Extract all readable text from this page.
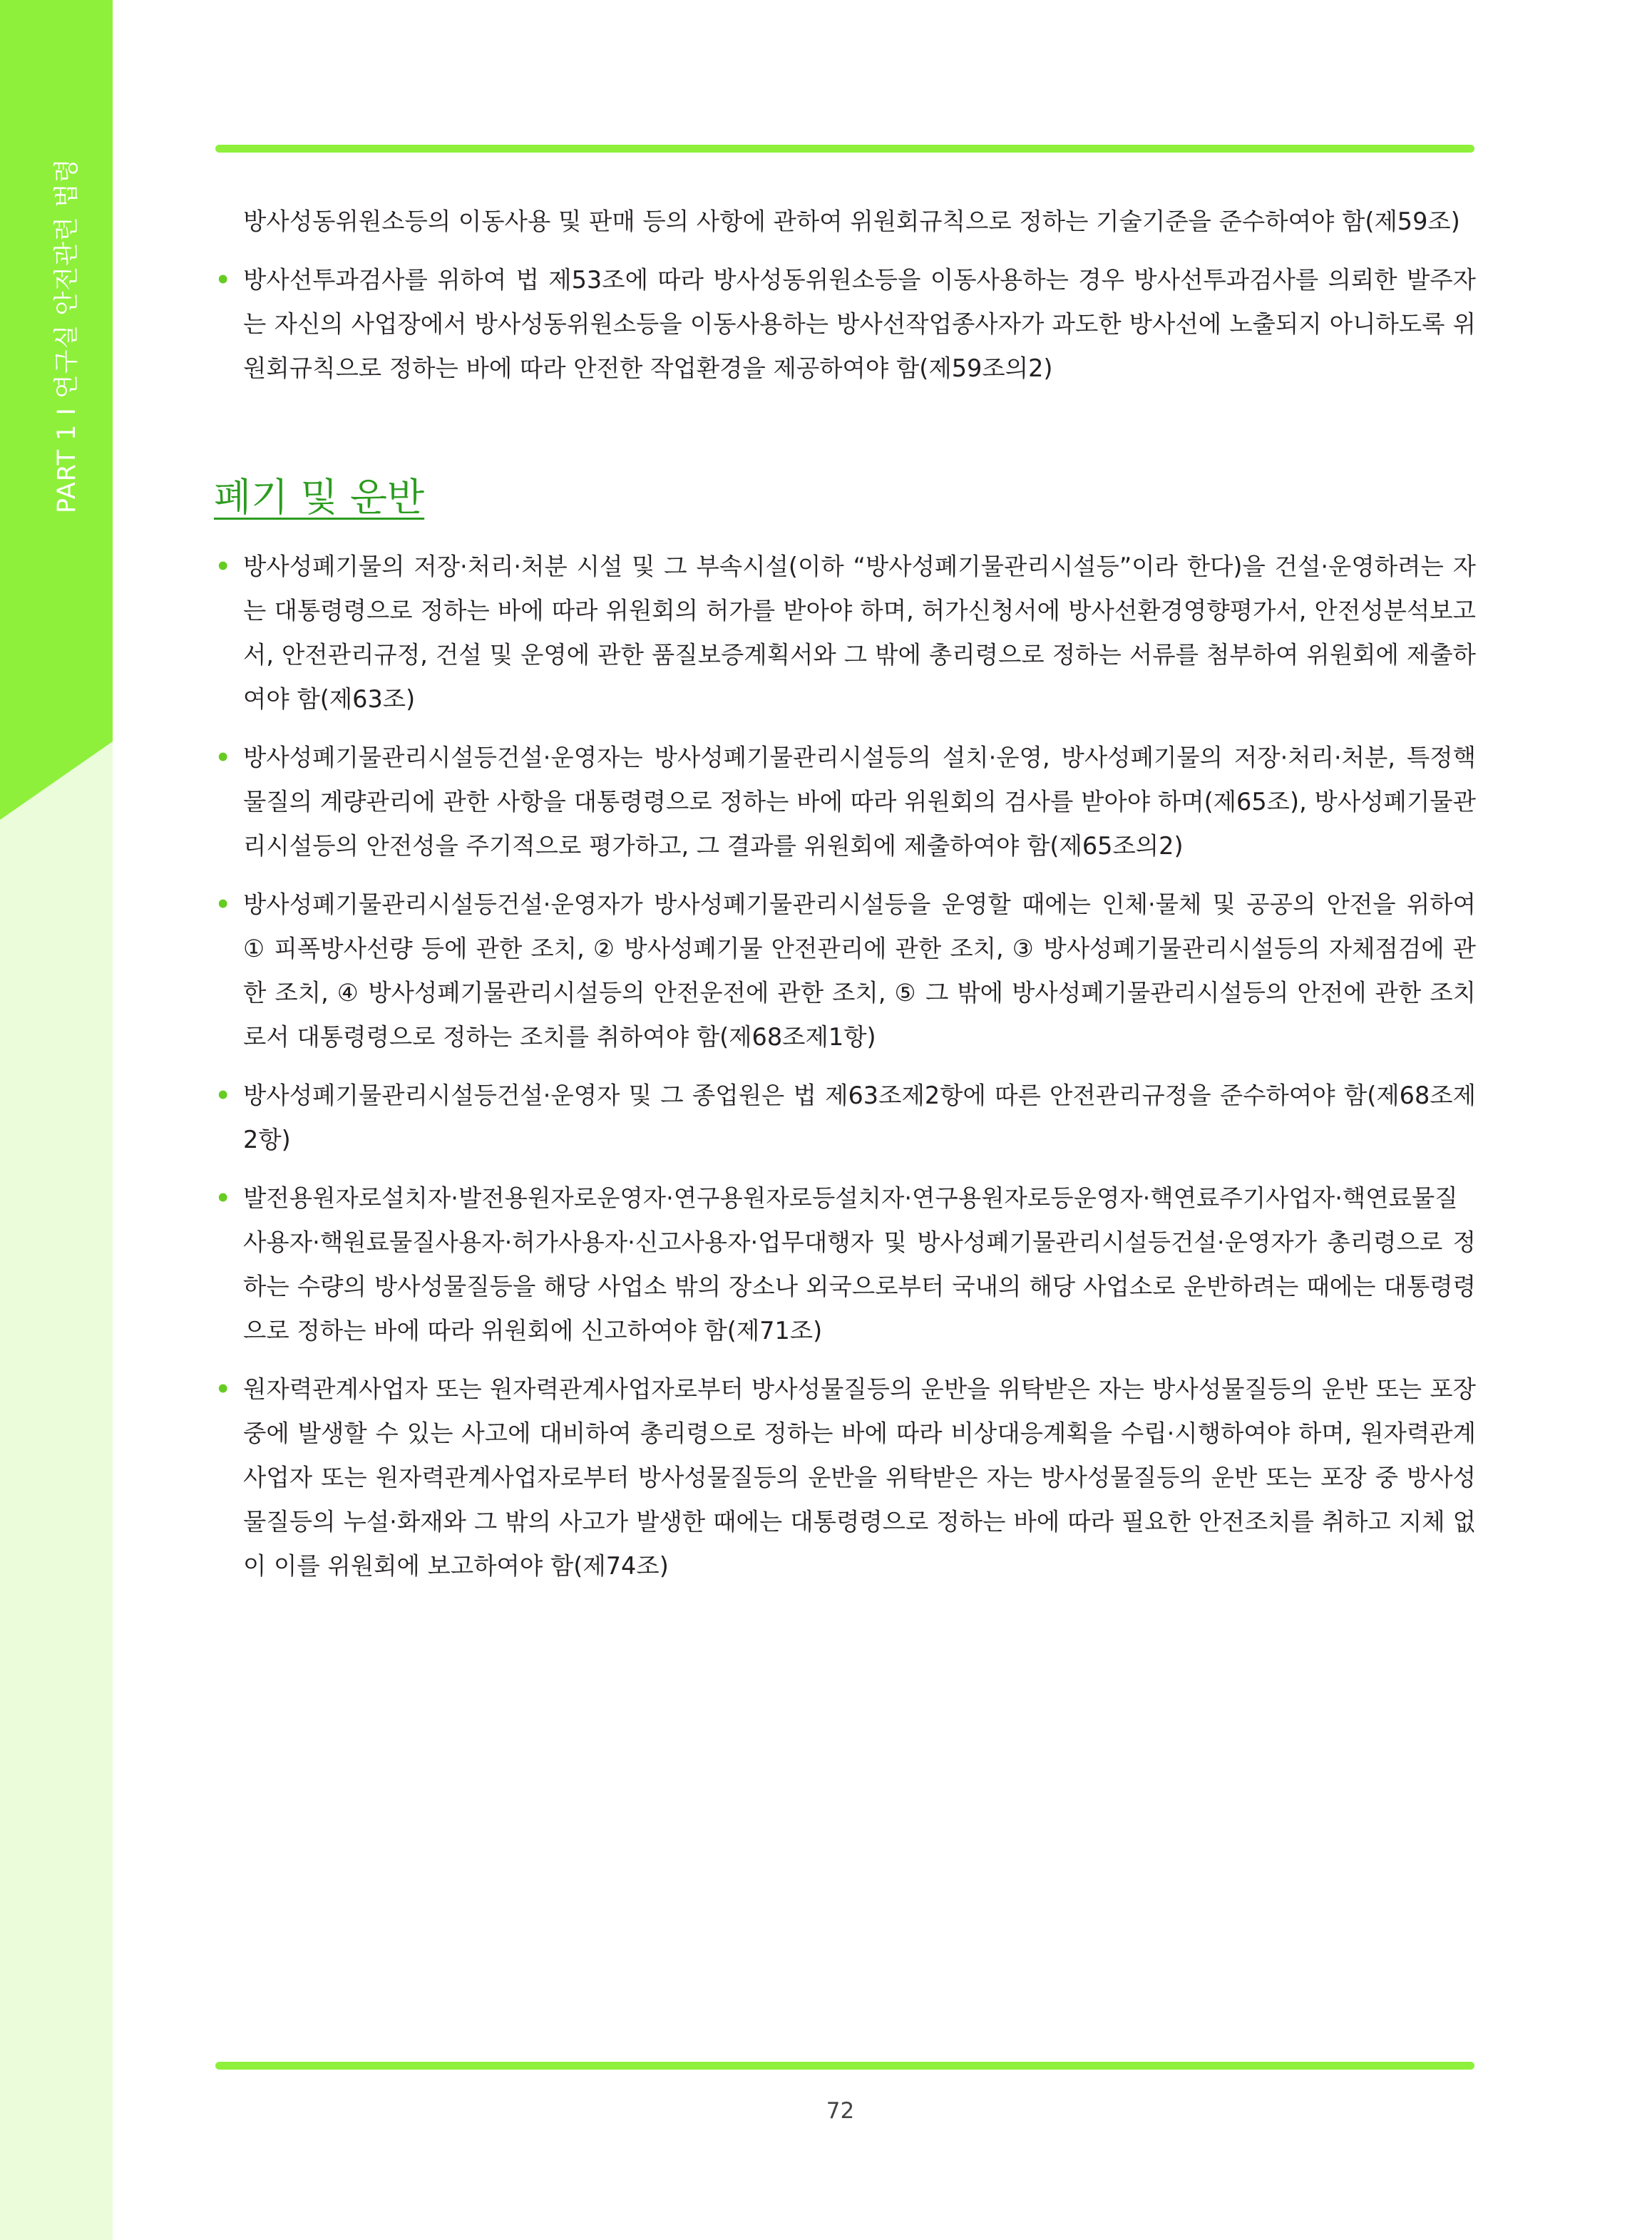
PART 1 Ⅰ 연구실 안전관련 법령	방사성동위원소등의 이동사용 및 판매 등의 사항에 관하여 위원회규칙으로 정하는 기술기준을 준수하여야 함(제59조)

• 방사선투과검사를 위하여 법 제53조에 따라 방사성동위원소등을 이동사용하는 경우 방사선투과검사를 의뢰한 발주자는 자신의 사업장에서 방사성동위원소등을 이동사용하는 방사선작업종사자가 과도한 방사선에 노출되지 아니하도록 위원회규칙으로 정하는 바에 따라 안전한 작업환경을 제공하여야 함(제59조의2)

폐기 및 운반

• 방사성폐기물의 저장·처리·처분 시설 및 그 부속시설(이하 “방사성폐기물관리시설등”이라 한다)을 건설·운영하려는 자는 대통령령으로 정하는 바에 따라 위원회의 허가를 받아야 하며, 허가신청서에 방사선환경영향평가서, 안전성분석보고서, 안전관리규정, 건설 및 운영에 관한 품질보증계획서와 그 밖에 총리령으로 정하는 서류를 첨부하여 위원회에 제출하여야 함(제63조)

• 방사성폐기물관리시설등건설·운영자는 방사성폐기물관리시설등의 설치·운영, 방사성폐기물의 저장·처리·처분, 특정핵물질의 계량관리에 관한 사항을 대통령령으로 정하는 바에 따라 위원회의 검사를 받아야 하며(제65조), 방사성폐기물관리시설등의 안전성을 주기적으로 평가하고, 그 결과를 위원회에 제출하여야 함(제65조의2)

• 방사성폐기물관리시설등건설·운영자가 방사성폐기물관리시설등을 운영할 때에는 인체·물체 및 공공의 안전을 위하여 ① 피폭방사선량 등에 관한 조치, ② 방사성폐기물 안전관리에 관한 조치, ③ 방사성폐기물관리시설등의 자체점검에 관한 조치, ④ 방사성폐기물관리시설등의 안전운전에 관한 조치, ⑤ 그 밖에 방사성폐기물관리시설등의 안전에 관한 조치로서 대통령령으로 정하는 조치를 취하여야 함(제68조제1항)

• 방사성폐기물관리시설등건설·운영자 및 그 종업원은 법 제63조제2항에 따른 안전관리규정을 준수하여야 함(제68조제2항)

• 발전용원자로설치자·발전용원자로운영자·연구용원자로등설치자·연구용원자로등운영자·핵연료주기사업자·핵연료물질사용자·핵원료물질사용자·허가사용자·신고사용자·업무대행자 및 방사성폐기물관리시설등건설·운영자가 총리령으로 정하는 수량의 방사성물질등을 해당 사업소 밖의 장소나 외국으로부터 국내의 해당 사업소로 운반하려는 때에는 대통령령으로 정하는 바에 따라 위원회에 신고하여야 함(제71조)

• 원자력관계사업자 또는 원자력관계사업자로부터 방사성물질등의 운반을 위탁받은 자는 방사성물질등의 운반 또는 포장 중에 발생할 수 있는 사고에 대비하여 총리령으로 정하는 바에 따라 비상대응계획을 수립·시행하여야 하며, 원자력관계사업자 또는 원자력관계사업자로부터 방사성물질등의 운반을 위탁받은 자는 방사성물질등의 운반 또는 포장 중 방사성물질등의 누설·화재와 그 밖의 사고가 발생한 때에는 대통령령으로 정하는 바에 따라 필요한 안전조치를 취하고 지체 없이 이를 위원회에 보고하여야 함(제74조)

72
